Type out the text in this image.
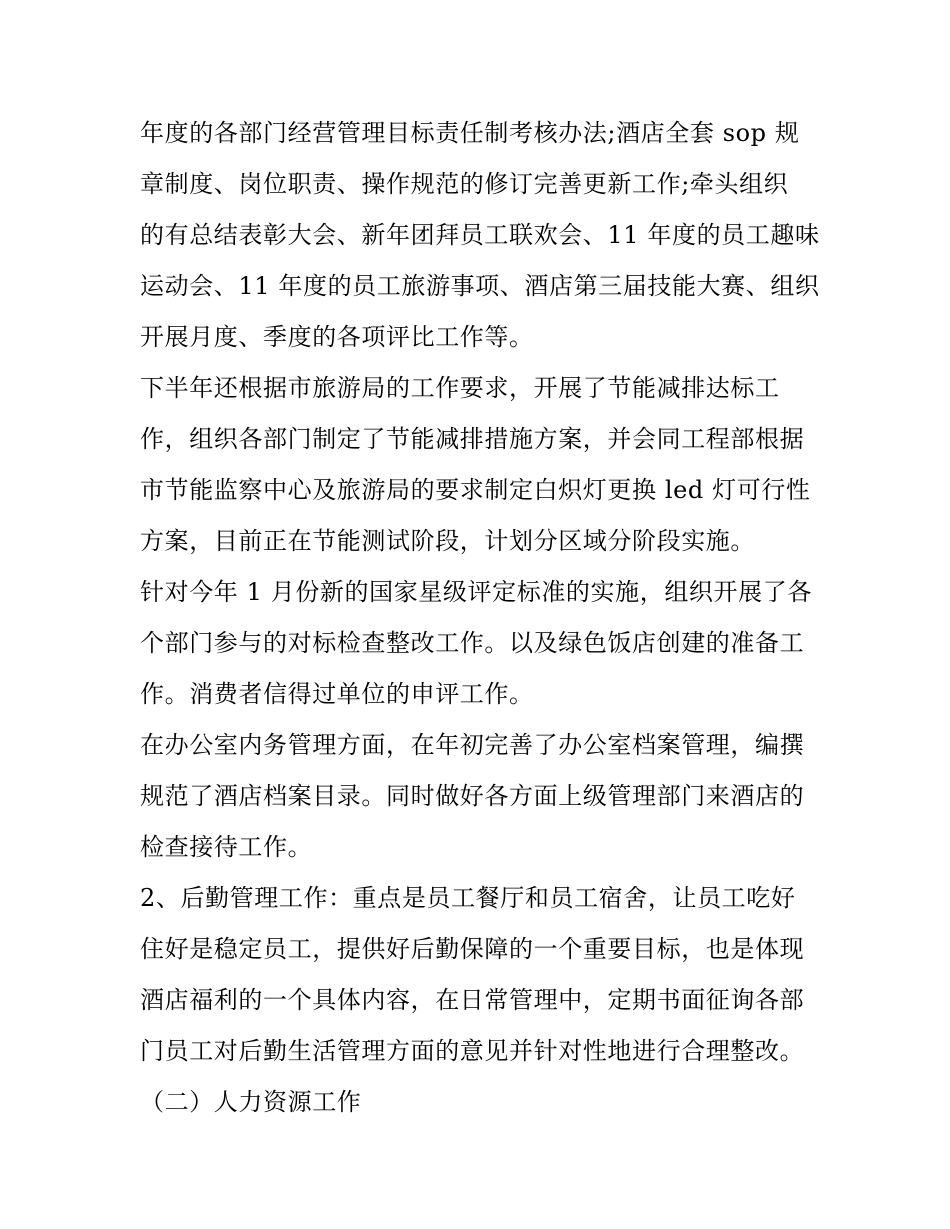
年度的各部门经营管理目标责任制考核办法;酒店全套 sop 规
章制度、岗位职责、操作规范的修订完善更新工作;牵头组织
的有总结表彰大会、新年团拜员工联欢会、11 年度的员工趣味
运动会、11 年度的员工旅游事项、酒店第三届技能大赛、组织
开展月度、季度的各项评比工作等。
下半年还根据市旅游局的工作要求，开展了节能减排达标工
作，组织各部门制定了节能减排措施方案，并会同工程部根据
市节能监察中心及旅游局的要求制定白炽灯更换 led 灯可行性
方案，目前正在节能测试阶段，计划分区域分阶段实施。
针对今年 1 月份新的国家星级评定标准的实施，组织开展了各
个部门参与的对标检查整改工作。以及绿色饭店创建的准备工
作。消费者信得过单位的申评工作。
在办公室内务管理方面，在年初完善了办公室档案管理，编撰
规范了酒店档案目录。同时做好各方面上级管理部门来酒店的
检查接待工作。
2、后勤管理工作：重点是员工餐厅和员工宿舍，让员工吃好
住好是稳定员工，提供好后勤保障的一个重要目标，也是体现
酒店福利的一个具体内容，在日常管理中，定期书面征询各部
门员工对后勤生活管理方面的意见并针对性地进行合理整改。
（二）人力资源工作
